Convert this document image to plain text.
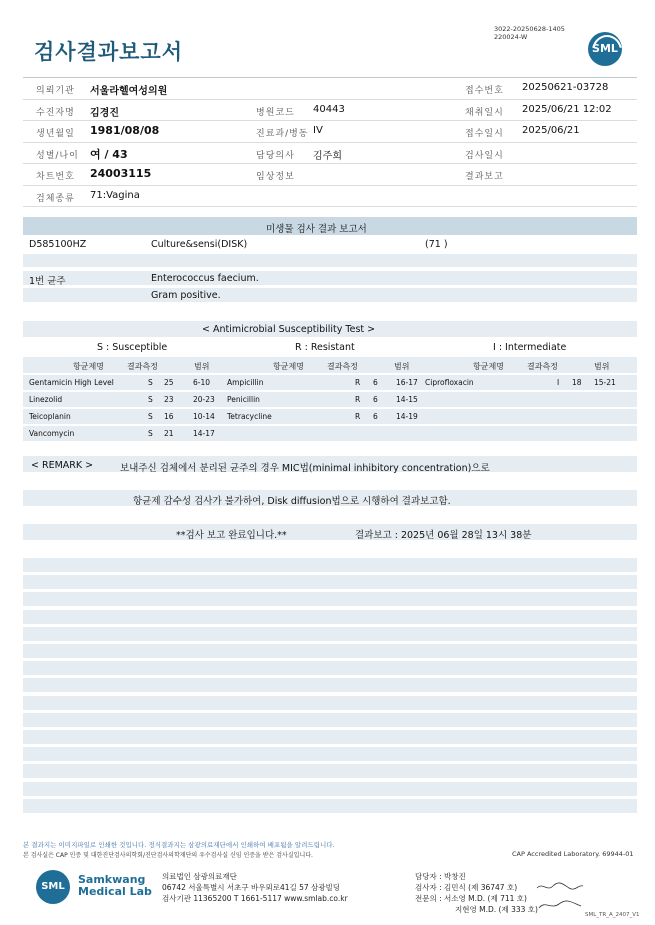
검사결과보고서
3022-20250628-1405
220024-W
SML
의뢰기관 서울라헬여성의원	접수번호 20250621-03728
수진자명 김경진	병원코드 40443	채취일시 2025/06/21 12:02
생년월일 1981/08/08	진료과/병동 IV	접수일시 2025/06/21
성별/나이 여 / 43	담당의사 김주희	검사일시
차트번호 24003115	임상정보	결과보고
검체종류 71:Vagina
미생물 검사 결과 보고서
D585100HZ	Culture&sensi(DISK)	(71 )
1번 균주	Enterococcus faecium.
Gram positive.
< Antimicrobial Susceptibility Test >
S : Susceptible	R : Resistant	I : Intermediate
항균제명	결과측정	범위	항균제명	결과측정	범위	항균제명	결과측정	범위
Gentamicin High Level	S 25	6-10 Ampicillin	R 6 16-17 Ciprofloxacin	I 18 15-21
Linezolid	S 23	20-23 Penicillin	R 6 14-15
Teicoplanin	S 16	10-14 Tetracycline	R 6 14-19
Vancomycin	S 21	14-17
< REMARK >	보내주신 검체에서 분리된 균주의 경우 MIC법(minimal inhibitory concentration)으로
항균제 감수성 검사가 불가하여, Disk diffusion법으로 시행하여 결과보고함.
**검사 보고 완료입니다.**	결과보고 : 2025년 06월 28일 13시 38분
본 결과지는 이미지파일로 인쇄한 것입니다. 정식결과지는 삼광의료재단에서 인쇄하여 배포됨을 알려드립니다.
본 검사실은 CAP 인증 및 대한진단검사의학회/진단검사의학재단의 우수검사실 신임 인증을 받은 검사실입니다.	CAP Accredited Laboratory. 69944-01
SML
Samkwang
Medical Lab
의료법인 삼광의료재단
06742 서울특별시 서초구 바우뫼로41길 57 삼광빌딩
검사기관 11365200 T 1661-5117 www.smlab.co.kr
담당자 : 박창진
검사자 : 김민식 (제 36747 호)
전문의 : 서소영 M.D. (제 711 호)
지현영 M.D. (제 333 호)
SML_TR_A_2407_V1
